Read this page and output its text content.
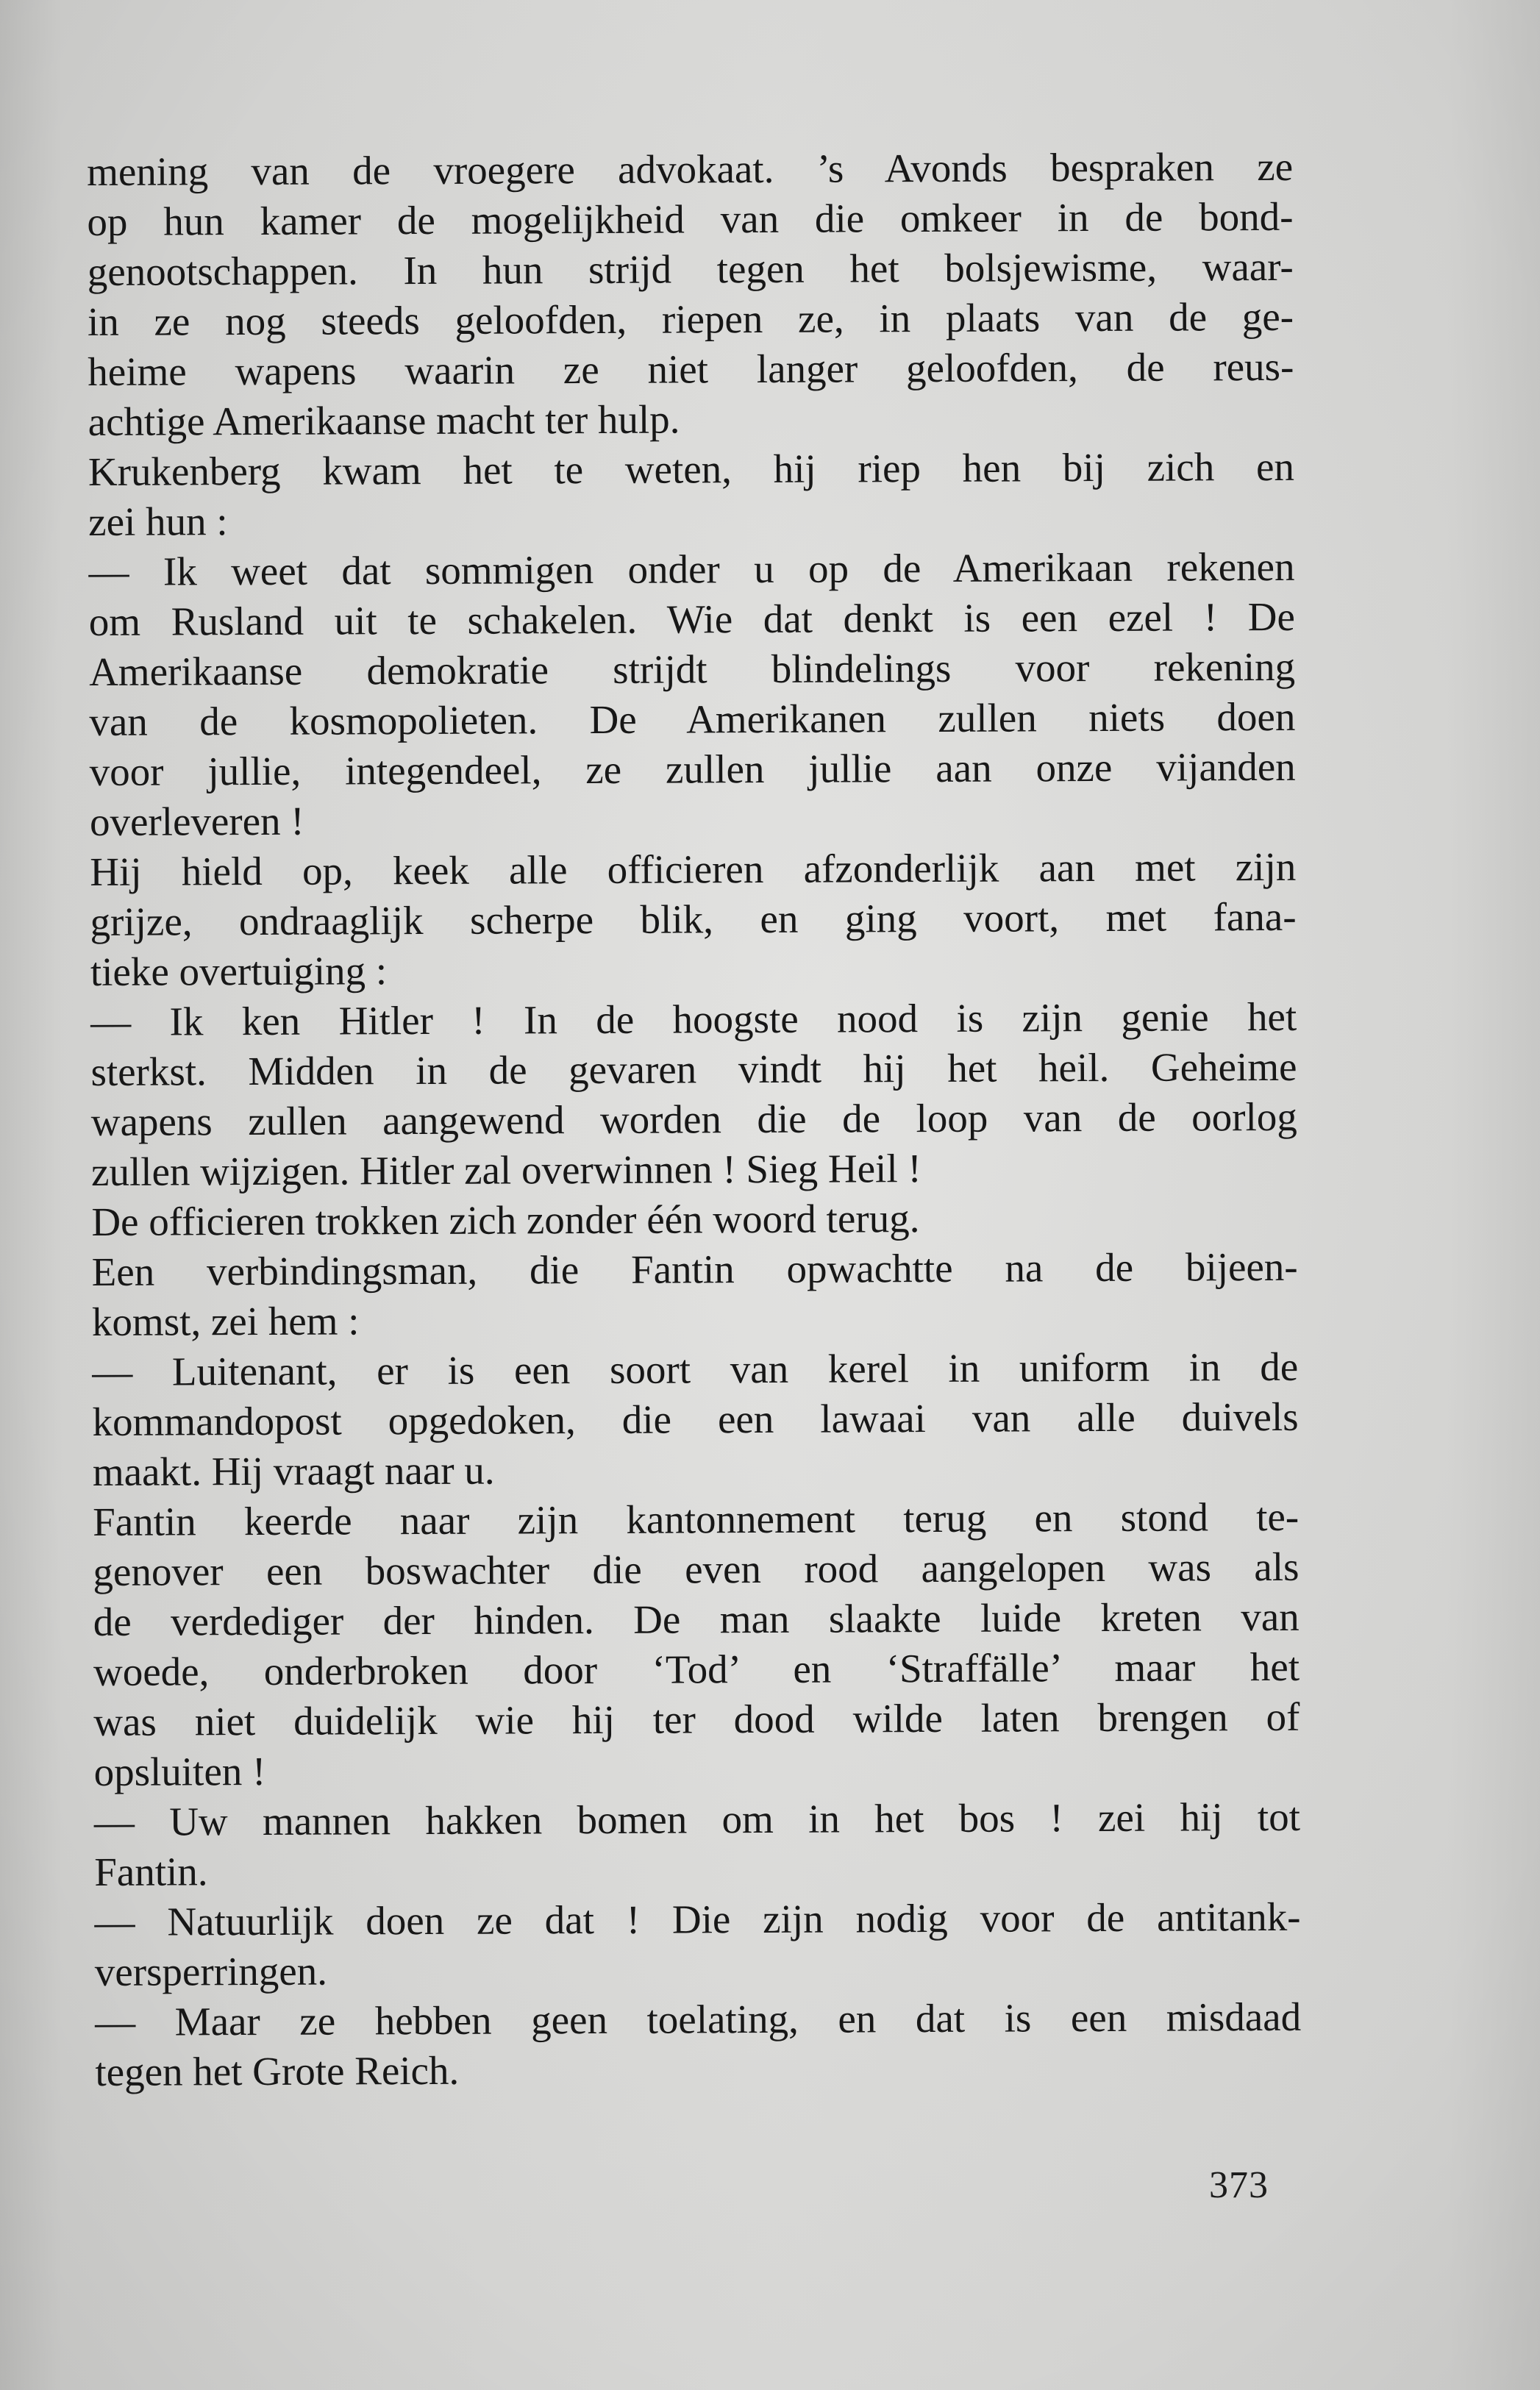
mening van de vroegere advokaat. ’s Avonds bespraken ze
op hun kamer de mogelijkheid van die omkeer in de bond-
genootschappen. In hun strijd tegen het bolsjewisme, waar-
in ze nog steeds geloofden, riepen ze, in plaats van de ge-
heime wapens waarin ze niet langer geloofden, de reus-
achtige Amerikaanse macht ter hulp.
Krukenberg kwam het te weten, hij riep hen bij zich en
zei hun :
— Ik weet dat sommigen onder u op de Amerikaan rekenen
om Rusland uit te schakelen. Wie dat denkt is een ezel ! De
Amerikaanse demokratie strijdt blindelings voor rekening
van de kosmopolieten. De Amerikanen zullen niets doen
voor jullie, integendeel, ze zullen jullie aan onze vijanden
overleveren !
Hij hield op, keek alle officieren afzonderlijk aan met zijn
grijze, ondraaglijk scherpe blik, en ging voort, met fana-
tieke overtuiging :
— Ik ken Hitler ! In de hoogste nood is zijn genie het
sterkst. Midden in de gevaren vindt hij het heil. Geheime
wapens zullen aangewend worden die de loop van de oorlog
zullen wijzigen. Hitler zal overwinnen ! Sieg Heil !
De officieren trokken zich zonder één woord terug.
Een verbindingsman, die Fantin opwachtte na de bijeen-
komst, zei hem :
— Luitenant, er is een soort van kerel in uniform in de
kommandopost opgedoken, die een lawaai van alle duivels
maakt. Hij vraagt naar u.
Fantin keerde naar zijn kantonnement terug en stond te-
genover een boswachter die even rood aangelopen was als
de verdediger der hinden. De man slaakte luide kreten van
woede, onderbroken door ‘Tod’ en ‘Straffälle’ maar het
was niet duidelijk wie hij ter dood wilde laten brengen of
opsluiten !
— Uw mannen hakken bomen om in het bos ! zei hij tot
Fantin.
— Natuurlijk doen ze dat ! Die zijn nodig voor de antitank-
versperringen.
— Maar ze hebben geen toelating, en dat is een misdaad
tegen het Grote Reich.
373
